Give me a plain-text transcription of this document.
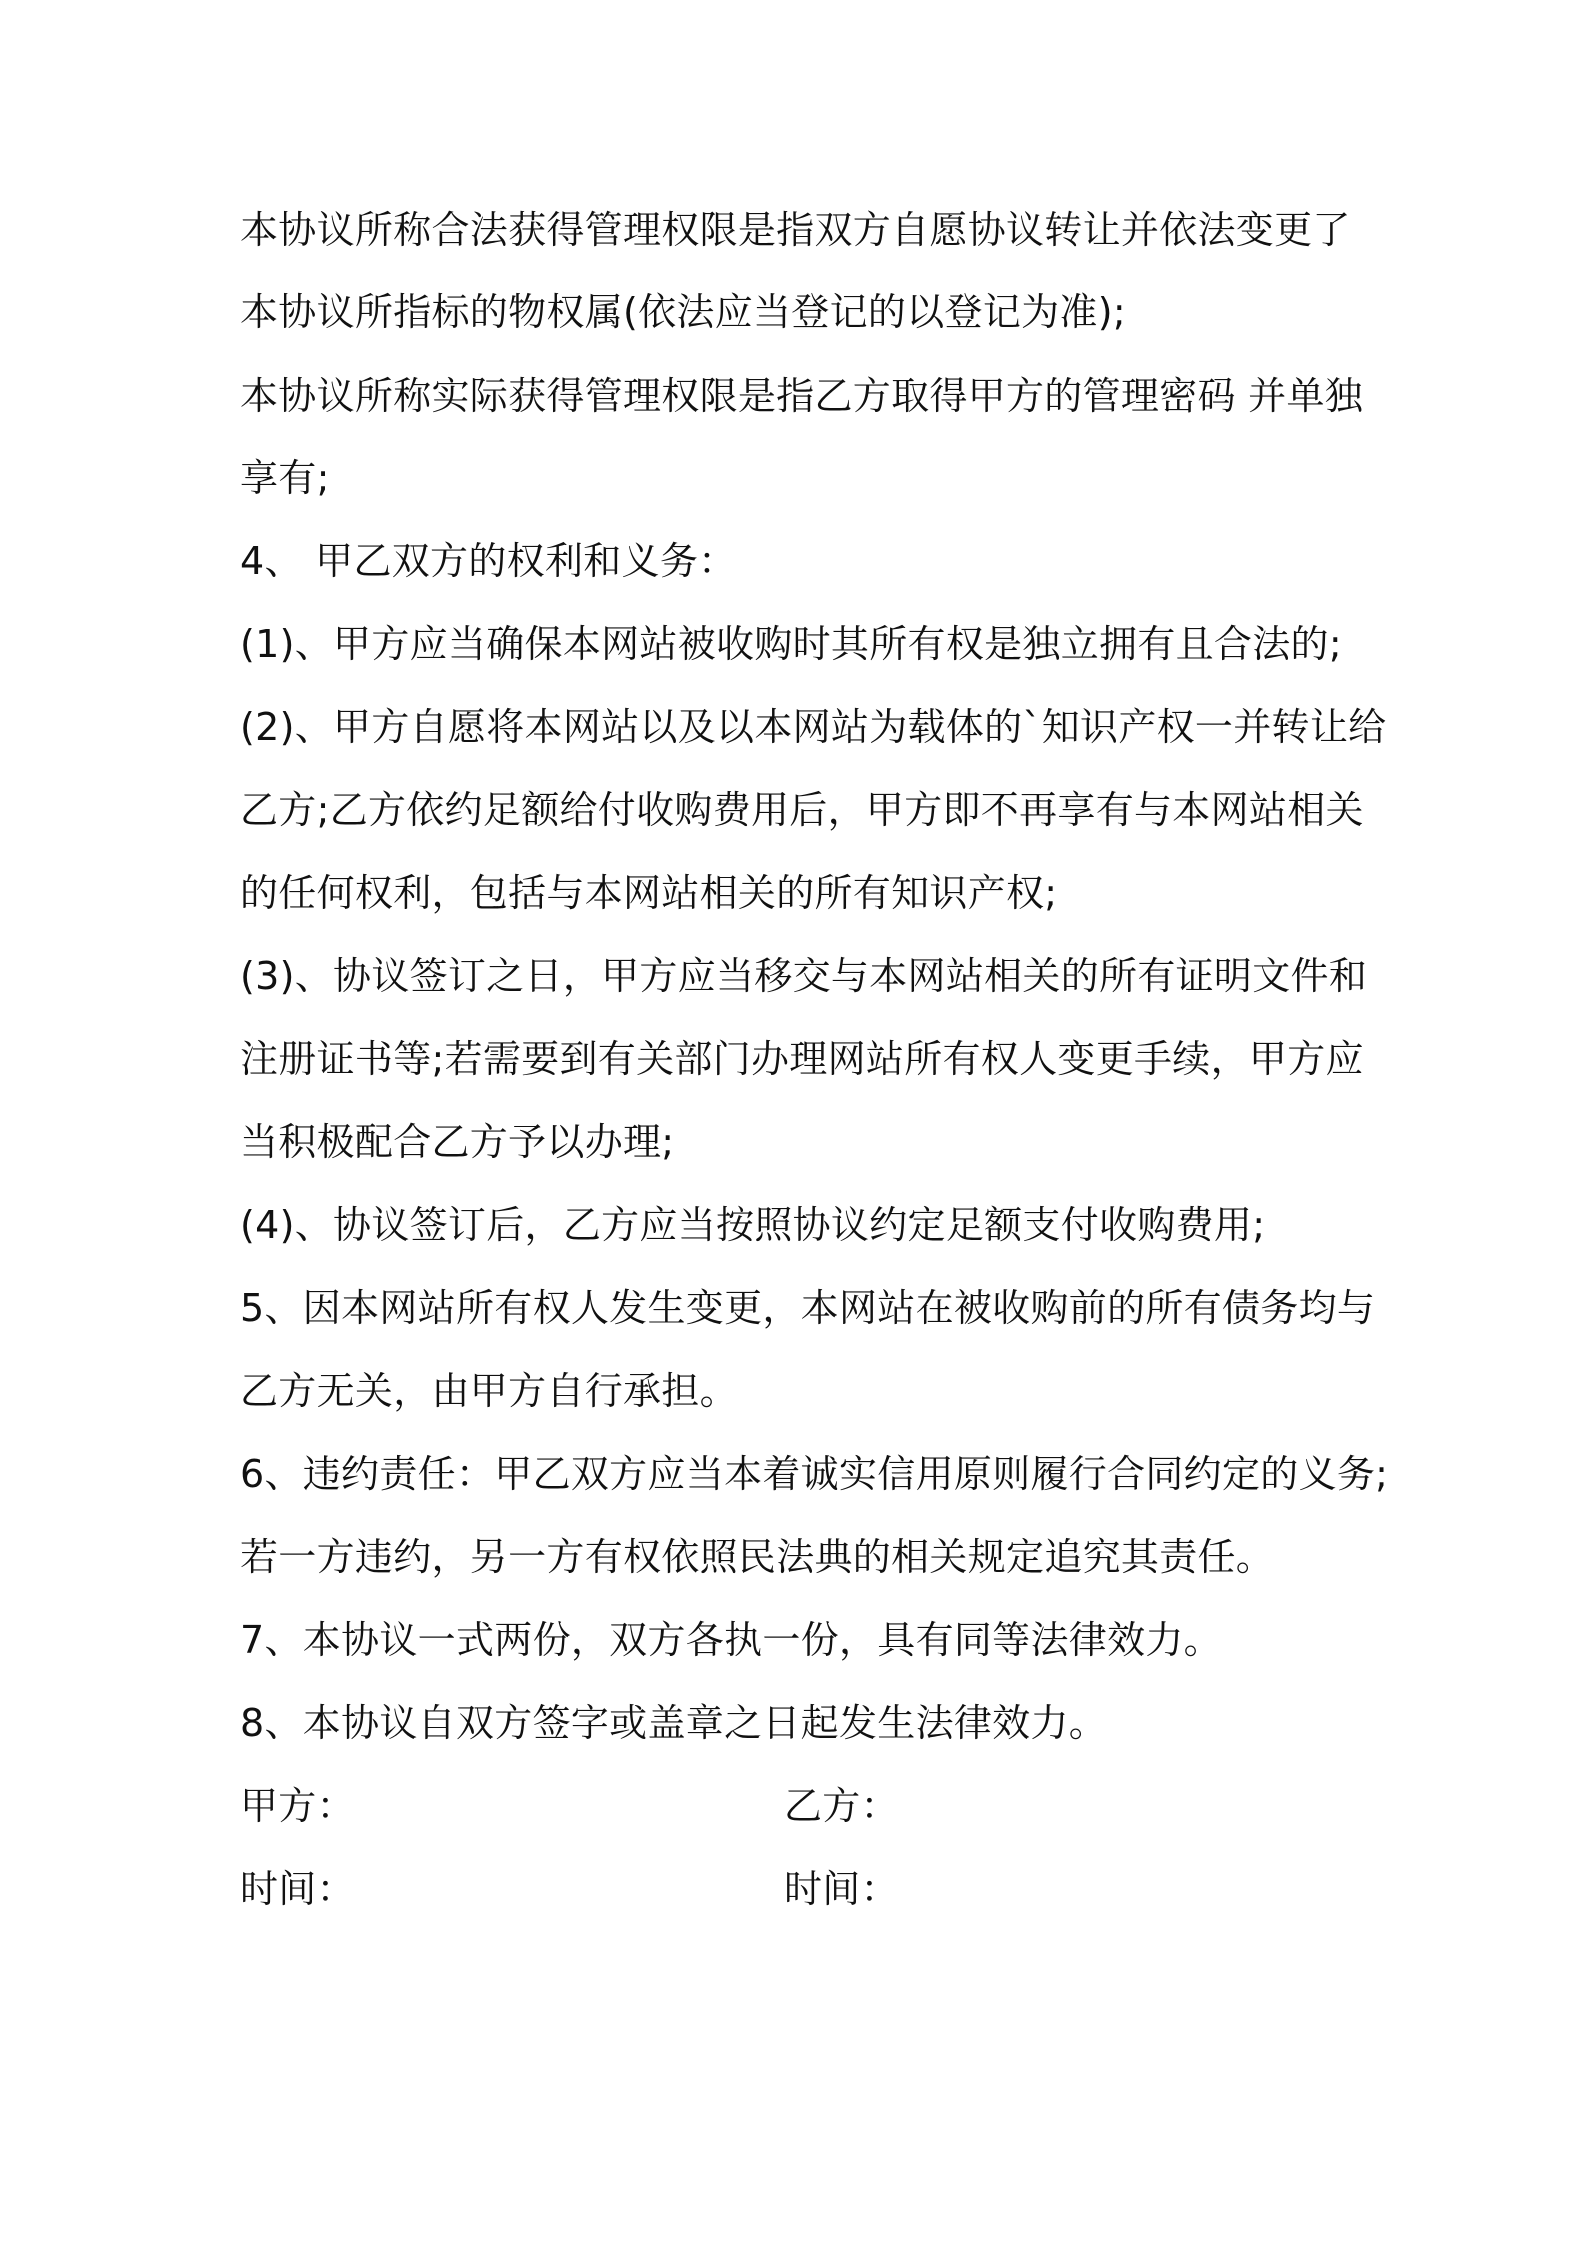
本协议所称合法获得管理权限是指双方自愿协议转让并依法变更了

本协议所指标的物权属(依法应当登记的以登记为准);

本协议所称实际获得管理权限是指乙方取得甲方的管理密码 并单独

享有;

4、 甲乙双方的权利和义务：

(1)、甲方应当确保本网站被收购时其所有权是独立拥有且合法的;

(2)、甲方自愿将本网站以及以本网站为载体的`知识产权一并转让给

乙方;乙方依约足额给付收购费用后，甲方即不再享有与本网站相关

的任何权利，包括与本网站相关的所有知识产权;

(3)、协议签订之日，甲方应当移交与本网站相关的所有证明文件和

注册证书等;若需要到有关部门办理网站所有权人变更手续，甲方应

当积极配合乙方予以办理;

(4)、协议签订后，乙方应当按照协议约定足额支付收购费用;

5、因本网站所有权人发生变更，本网站在被收购前的所有债务均与

乙方无关，由甲方自行承担。

6、违约责任：甲乙双方应当本着诚实信用原则履行合同约定的义务;

若一方违约，另一方有权依照民法典的相关规定追究其责任。

7、本协议一式两份，双方各执一份，具有同等法律效力。

8、本协议自双方签字或盖章之日起发生法律效力。

甲方：	乙方：

时间：	时间：
